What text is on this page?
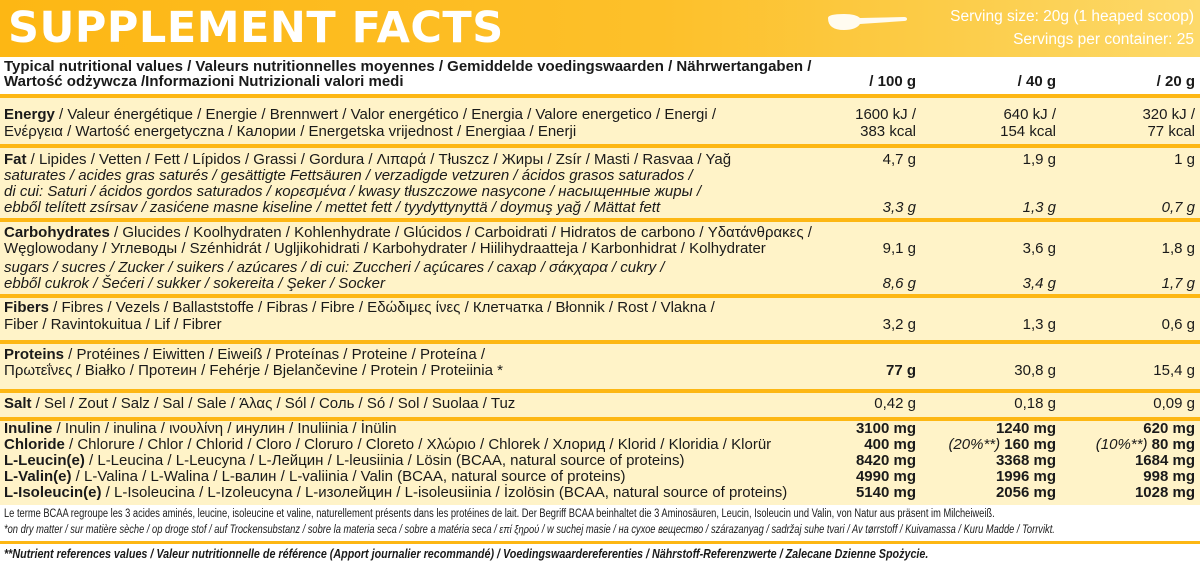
SUPPLEMENT FACTS	Serving size: 20g (1 heaped scoop)
Servings per container: 25
Typical nutritional values / Valeurs nutritionnelles moyennes / Gemiddelde voedingswaarden / Nährwertangaben /
Wartość odżywcza /Informazioni Nutrizionali valori medi	/ 100 g	/ 40 g	/ 20 g
Energy / Valeur énergétique / Energie / Brennwert / Valor energético / Energia / Valore energetico / Energi /
Ενέργεια / Wartość energetyczna / Калории / Energetska vrijednost / Energiaa / Enerji
1600 kJ /	640 kJ /	320 kJ /
383 kcal	154 kcal	77 kcal
Fat / Lipides / Vetten / Fett / Lípidos / Grassi / Gordura / Λιπαρά / Tłuszcz / Жиры / Zsír / Masti / Rasvaa / Yağ
saturates / acides gras saturés / gesättigte Fettsäuren / verzadigde vetzuren / ácidos grasos saturados /
di cui: Saturi / ácidos gordos saturados / κορεσμένα / kwasy tłuszczowe nasycone / насыщенные жиры /
ebből telített zsírsav / zasićene masne kiseline / mettet fett / tyydyttynyttä / doymuş yağ / Mättat fett
4,7 g	1,9 g	1 g
3,3 g	1,3 g	0,7 g
Carbohydrates / Glucides / Koolhydraten / Kohlenhydrate / Glúcidos / Carboidrati / Hidratos de carbono / Υδατάνθρακες /
Węglowodany / Углеводы / Szénhidrát / Ugljikohidrati / Karbohydrater / Hiilihydraatteja / Karbonhidrat / Kolhydrater
sugars / sucres / Zucker / suikers / azúcares / di cui: Zuccheri / açúcares / сахар / σάκχαρα / cukry /
ebből cukrok / Šećeri / sukker / sokereita / Şeker / Socker
9,1 g	3,6 g	1,8 g
8,6 g	3,4 g	1,7 g
Fibers / Fibres / Vezels / Ballaststoffe / Fibras / Fibre / Εδώδιμες ίνες / Клетчатка / Błonnik / Rost / Vlakna /
Fiber / Ravintokuitua / Lif / Fibrer	3,2 g	1,3 g	0,6 g
Proteins / Protéines / Eiwitten / Eiweiß / Proteínas / Proteine / Proteína /
Πρωτεΐνες / Białko / Протеин / Fehérje / Bjelančevine / Protein / Proteiinia *	77 g	30,8 g	15,4 g
Salt / Sel / Zout / Salz / Sal / Sale / Άλας / Sól / Соль / Só / Sol / Suolaa / Tuz	0,42 g	0,18 g	0,09 g
Inuline / Inulin / inulina / ινουλίνη / инулин / Inuliinia / İnülin	3100 mg	1240 mg	620 mg
Chloride / Chlorure / Chlor / Chlorid / Cloro / Cloruro / Cloreto / Χλώριο / Chlorek / Хлорид / Klorid / Kloridia / Klorür	400 mg	(20%**) 160 mg	(10%**) 80 mg
L-Leucin(e) / L-Leucina / L-Leucyna / L-Лейцин / L-leusiinia / Lösin (BCAA, natural source of proteins)	8420 mg	3368 mg	1684 mg
L-Valin(e) / L-Valina / L-Walina / L-валин / L-valiinia / Valin (BCAA, natural source of proteins)	4990 mg	1996 mg	998 mg
L-Isoleucin(e) / L-Isoleucina / L-Izoleucyna / L-изолейцин / L-isoleusiinia / İzolösin (BCAA, natural source of proteins)	5140 mg	2056 mg	1028 mg
Le terme BCAA regroupe les 3 acides aminés, leucine, isoleucine et valine, naturellement présents dans les protéines de lait. Der Begriff BCAA beinhaltet die 3 Aminosäuren, Leucin, Isoleucin und Valin, von Natur aus präsent im Milcheiweiß.
*on dry matter / sur matière sèche / op droge stof / auf Trockensubstanz / sobre la materia seca / sobre a matéria seca / επί ξηρού / w suchej masie / на сухое вещество / szárazanyag / sadržaj suhe tvari / Av tørrstoff / Kuivamassa / Kuru Madde / Torrvikt.
**Nutrient references values / Valeur nutritionnelle de référence (Apport journalier recommandé) / Voedingswaardereferenties / Nährstoff-Referenzwerte / Zalecane Dzienne Spożycie.
